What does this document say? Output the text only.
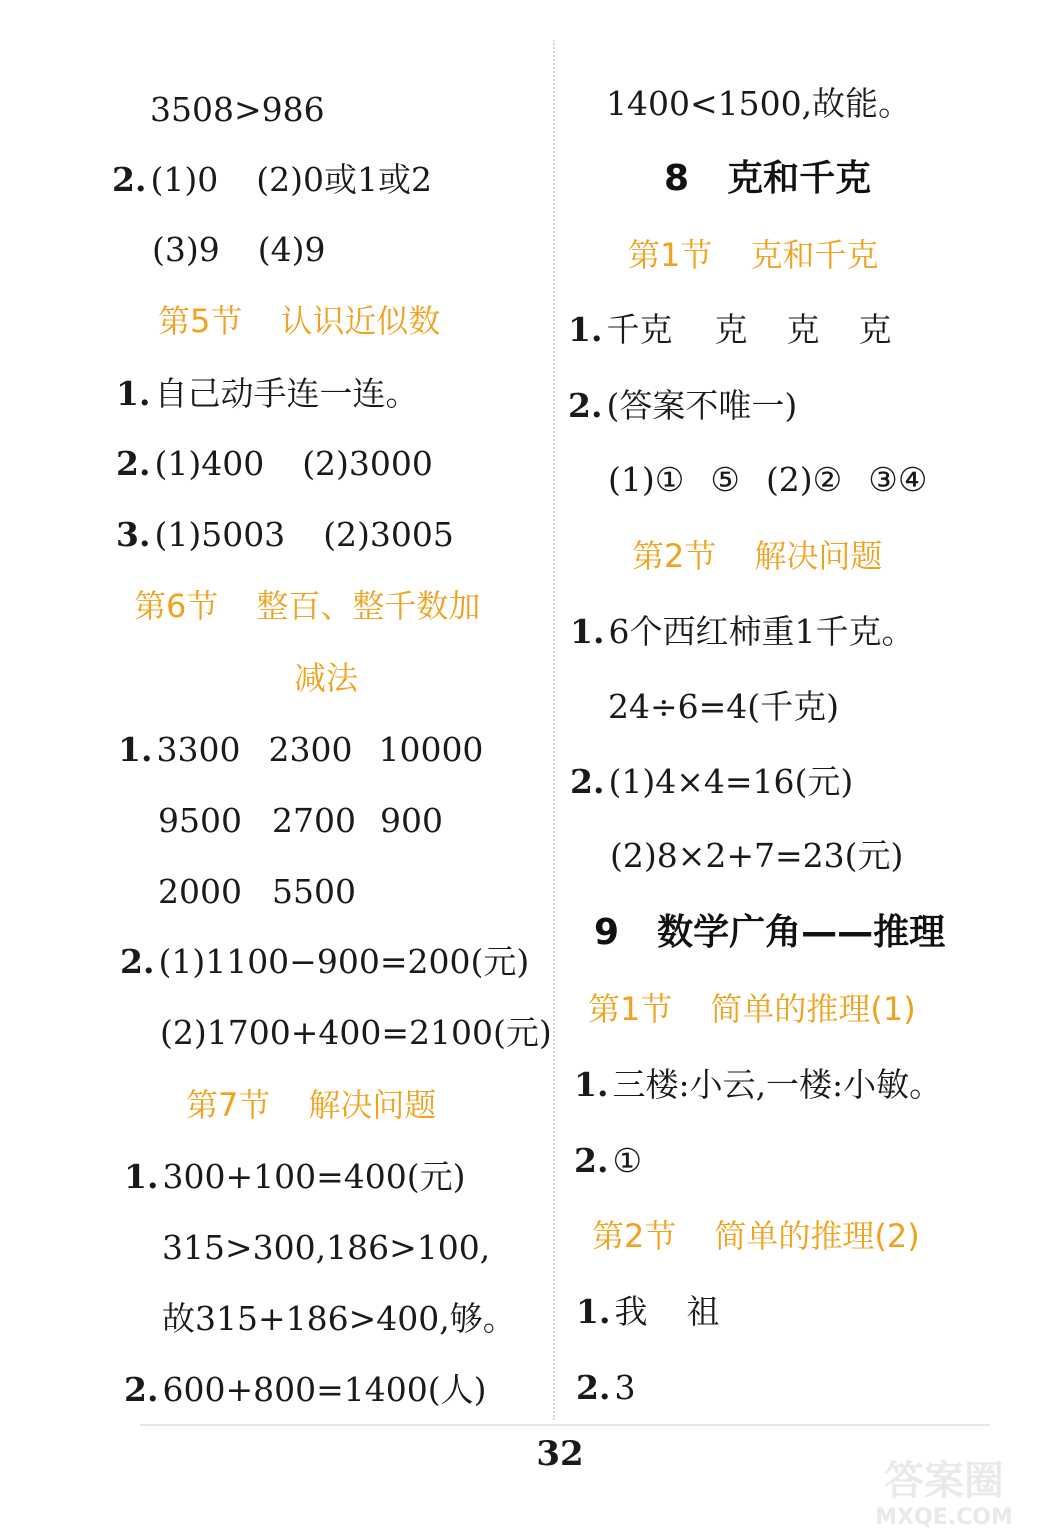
3508>986
2. (1)0 (2)0或1或2
(3)9 (4)9
第5节 认识近似数
1. 自己动手连一连。
2. (1)400 (2)3000
3. (1)5003 (2)3005
第6节 整百、整千数加
减法
1. 3300 2300 10000
9500 2700 900
2000 5500
2. (1)1100−900=200(元)
(2)1700+400=2100(元)
第7节 解决问题
1. 300+100=400(元)
315>300,186>100,
故315+186>400,够。
2. 600+800=1400(人)
1400<1500,故能。
8 克和千克
第1节 克和千克
1. 千克 克 克 克
2. (答案不唯一)
(1)① ⑤ (2)② ③④
第2节 解决问题
1. 6个西红柿重1千克。
24÷6=4(千克)
2. (1)4×4=16(元)
(2)8×2+7=23(元)
9 数学广角——推理
第1节 简单的推理(1)
1. 三楼:小云,一楼:小敏。
2. ①
第2节 简单的推理(2)
1. 我 祖
2. 3
32
答案圈
MXQE.COM
